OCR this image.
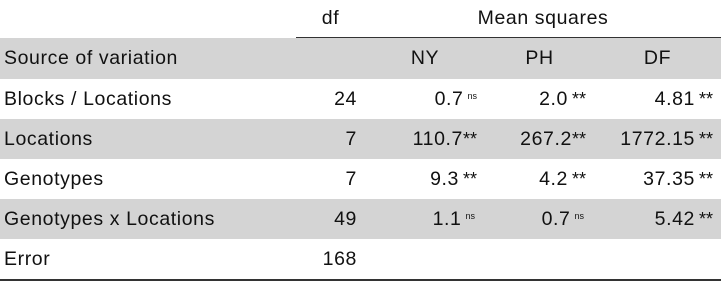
	df	Mean squares		
Source of variation		NY	PH	DF
Blocks / Locations	24	0.7 ns	2.0 **	4.81 **
Locations	7	110.7**	267.2**	1772.15 **
Genotypes	7	9.3 **	4.2 **	37.35 **
Genotypes x Locations	49	1.1 ns	0.7 ns	5.42 **
Error	168			
